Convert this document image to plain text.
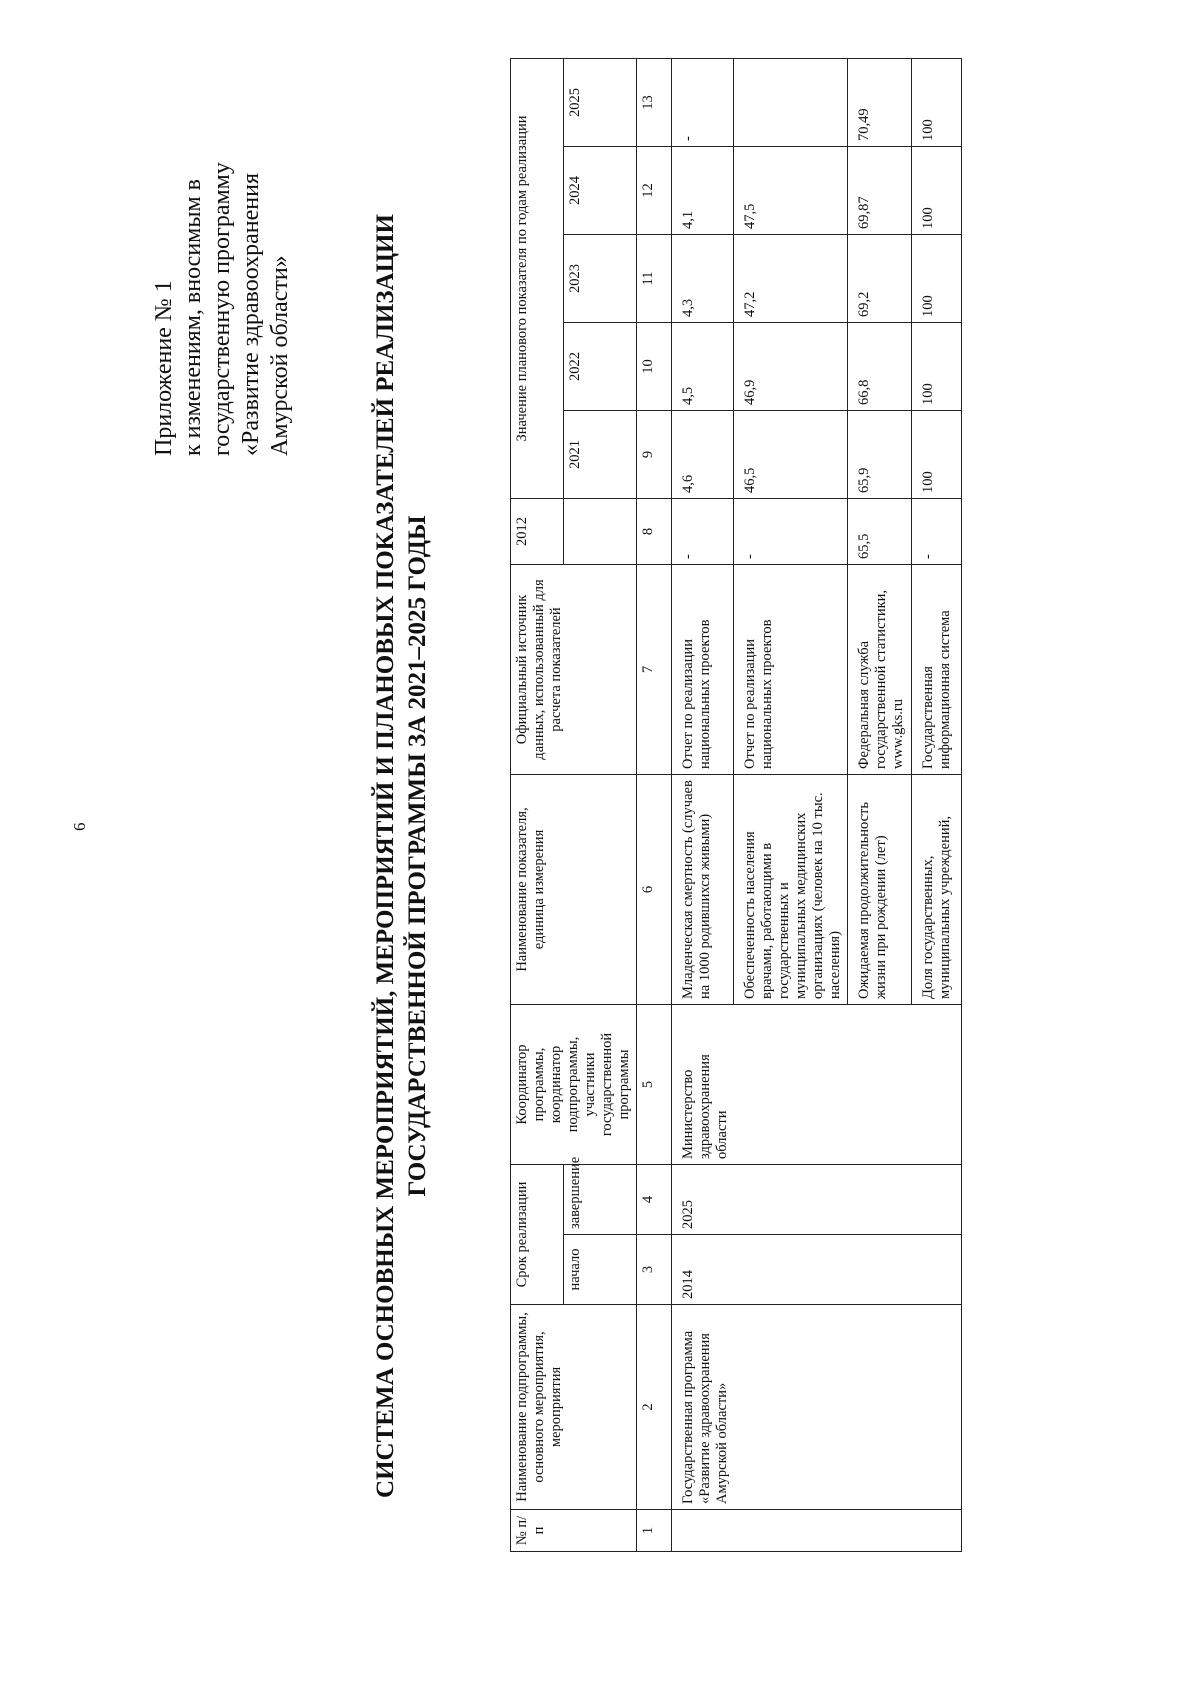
6
Приложение № 1 к изменениям, вносимым в государственную программу «Развитие здравоохранения Амурской области»	СИСТЕМА ОСНОВНЫХ МЕРОПРИЯТИЙ, МЕРОПРИЯТИЙ И ПЛАНОВЫХ ПОКАЗАТЕЛЕЙ РЕАЛИЗАЦИИ ГОСУДАРСТВЕННОЙ ПРОГРАММЫ ЗА 2021–2025 ГОДЫ
№ п/п	Наименование подпрограммы, основного мероприятия, мероприятия	Срок реализации		Координатор программы, координатор подпрограммы, участники государственной программы	Наименование показателя, единица измерения	Официальный источник данных, использованный для расчета показателей	2012	Значение планового показателя по годам реализации				
		начало	завершение					2021	2022	2023	2024	2025
1	2	3	4	5	6	7	8	9	10	11	12	13
	Государственная программа «Развитие здравоохранения Амурской области»	2014	2025	Министерство здравоохранения области	Младенческая смертность (случаев на 1000 родившихся живыми)	Отчет по реализации национальных проектов	-	4,6	4,5	4,3	4,1	-
					Обеспеченность населения врачами, работающими в государственных и муниципальных медицинских организациях (человек на 10 тыс. населения)	Отчет по реализации национальных проектов	-	46,5	46,9	47,2	47,5	
					Ожидаемая продолжительность жизни при рождении (лет)	Федеральная служба государственной статистики, www.gks.ru	65,5	65,9	66,8	69,2	69,87	70,49
					Доля государственных, муниципальных учреждений,	Государственная информационная система	-	100	100	100	100	100
